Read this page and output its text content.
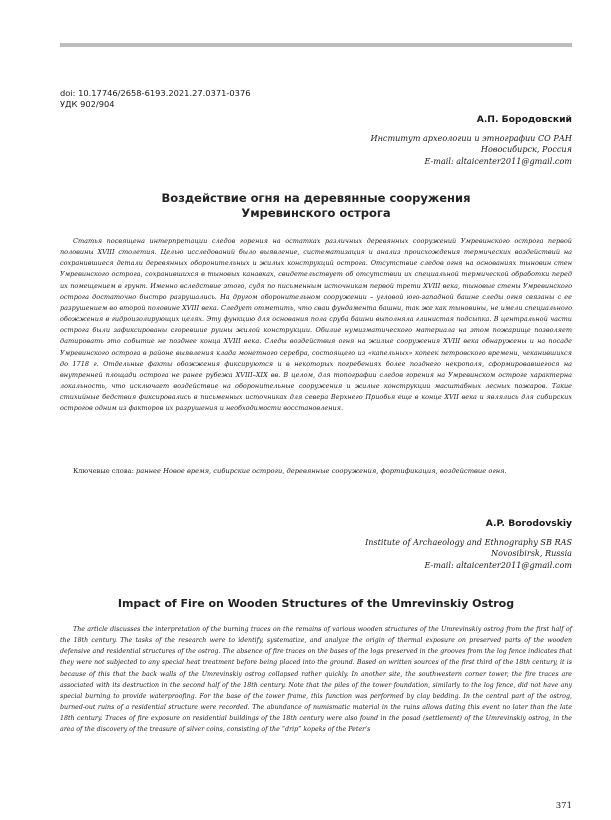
doi: 10.17746/2658-6193.2021.27.0371-0376
УДК 902/904
А.П. Бородовский
Институт археологии и этнографии СО РАН
Новосибирск, Россия
E-mail: altaicenter2011@gmail.com
Воздействие огня на деревянные сооружения
Умревинского острога

Статья посвящена интерпретации следов горения на остатках различных деревянных сооружений Умревинского острога первой половины XVIII столетия. Целью исследований было выявление, систематизация и анализ происхождения термических воздействий на сохранившиеся детали деревянных оборонительных и жилых конструкций острога. Отсутствие следов огня на основаниях тыновин стен Умревинского острога, сохранившихся в тыновых канавках, свидетельствует об отсутствии их специальной термической обработки перед их помещением в грунт. Именно вследствие этого, судя по письменным источникам первой трети XVIII века, тыновые стены Умревинского острога достаточно быстро разрушались. На другом оборонительном сооружении – угловой юго-западной башне следы огня связаны с ее разрушением во второй половине XVIII века. Следует отметить, что сваи фундамента башни, так же как тыновины, не имели специального обожжения в гидроизолирующих целях. Эту функцию для основания пола сруба башни выполняла глинистая подсыпка. В центральной части острога были зафиксированы сгоревшие руины жилой конструкции. Обилие нумизматического материала на этом пожарище позволяет датировать это событие не позднее конца XVIII века. Следы воздействия огня на жилые сооружения XVIII века обнаружены и на посаде Умревинского острога в районе выявления клада монетного серебра, состоящего из «капельных» копеек петровского времени, чеканившихся до 1718 г. Отдельные факты обожжения фиксируются и в некоторых погребениях более позднего некрополя, сформировавшегося на внутренней площади острога не ранее рубежа XVIII–XIX вв. В целом, для топографии следов горения на Умревинском остроге характерна локальность, что исключает воздействие на оборонительные сооружения и жилые конструкции масштабных лесных пожаров. Такие стихийные бедствия фиксировались в письменных источниках для севера Верхнего Приобья еще в конце XVII века и являлись для сибирских острогов одним из факторов их разрушения и необходимости восстановления.

Ключевые слова: раннее Новое время, сибирские остроги, деревянные сооружения, фортификация, воздействие огня.

A.P. Borodovskiy
Institute of Archaeology and Ethnography SB RAS
Novosibirsk, Russia
E-mail: altaicenter2011@gmail.com
Impact of Fire on Wooden Structures of the Umrevinskiy Ostrog

The article discusses the interpretation of the burning traces on the remains of various wooden structures of the Umrevinskiy ostrog from the first half of the 18th century. The tasks of the research were to identify, systematize, and analyze the origin of thermal exposure on preserved parts of the wooden defensive and residential structures of the ostrog. The absence of fire traces on the bases of the logs preserved in the grooves from the log fence indicates that they were not subjected to any special heat treatment before being placed into the ground. Based on written sources of the first third of the 18th century, it is because of this that the back walls of the Umrevinskiy ostrog collapsed rather quickly. In another site, the southwestern corner tower, the fire traces are associated with its destruction in the second half of the 18th century. Note that the piles of the tower foundation, similarly to the log fence, did not have any special burning to provide waterproofing. For the base of the tower frame, this function was performed by clay bedding. In the central part of the ostrog, burned-out ruins of a residential structure were recorded. The abundance of numismatic material in the ruins allows dating this event no later than the late 18th century. Traces of fire exposure on residential buildings of the 18th century were also found in the posad (settlement) of the Umrevinskiy ostrog, in the area of the discovery of the treasure of silver coins, consisting of the “drip” kopeks of the Peter’s

371
